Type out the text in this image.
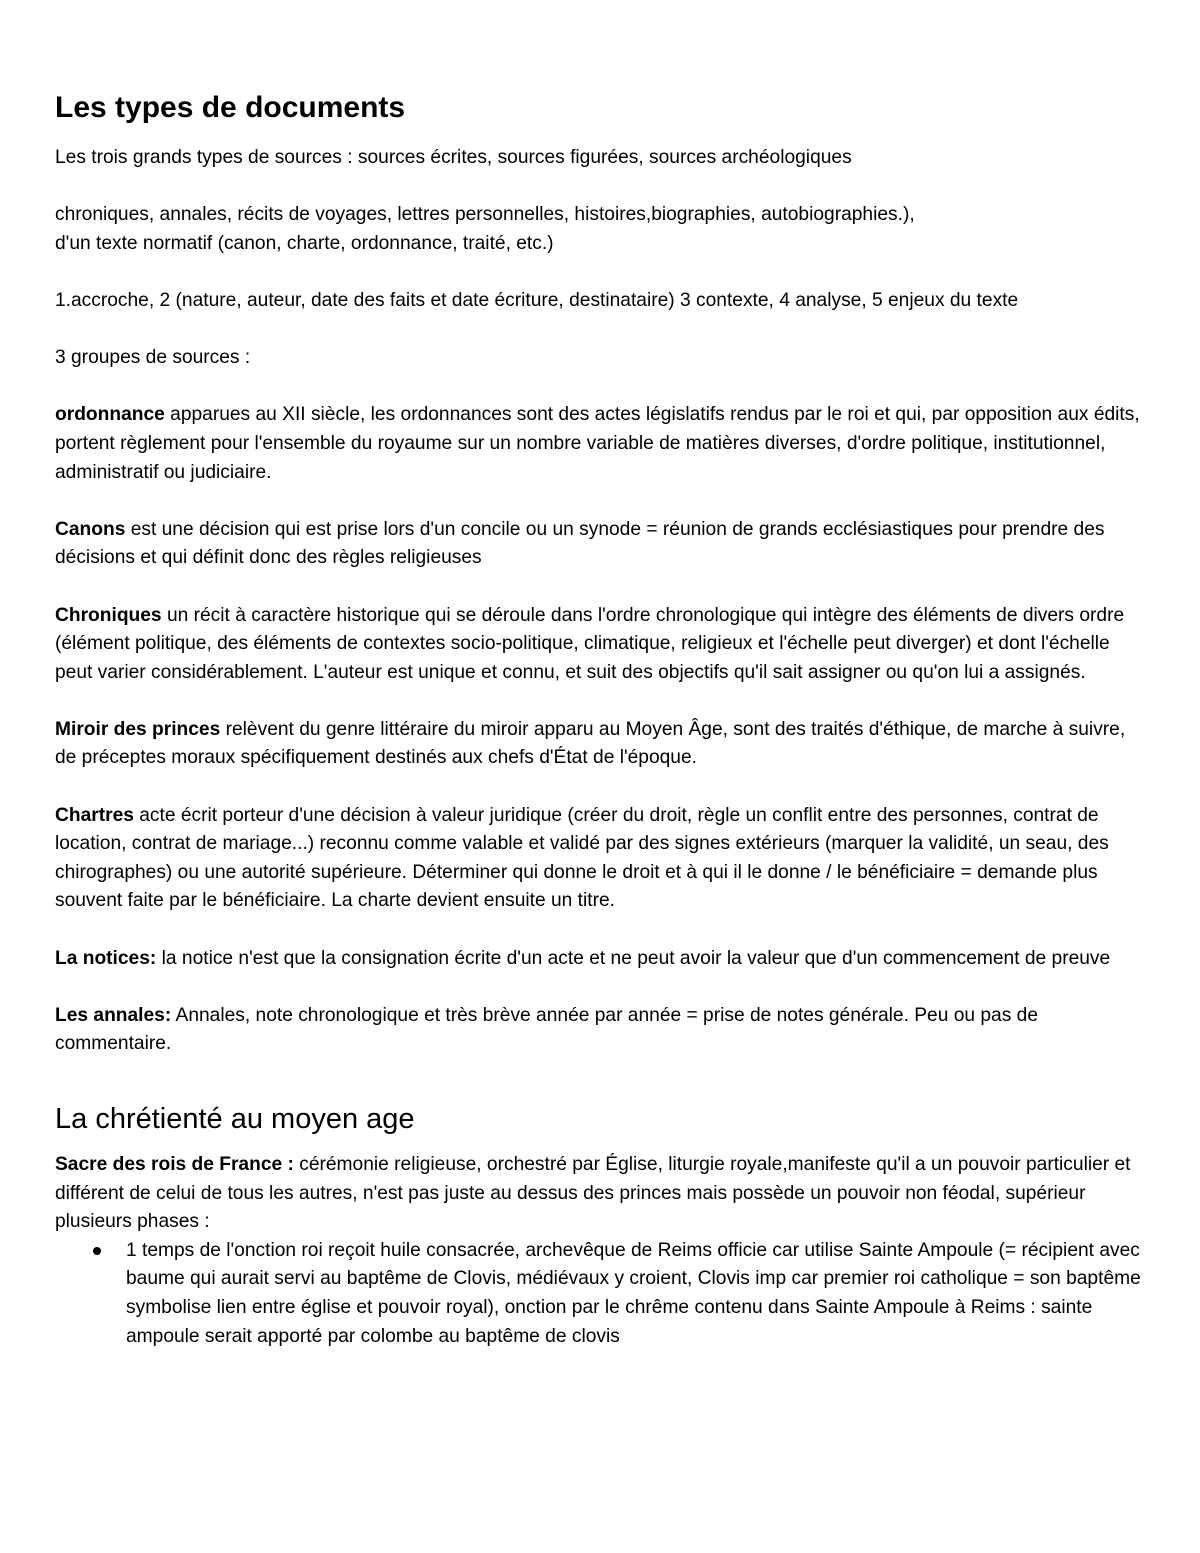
Les types de documents

Les trois grands types de sources : sources écrites, sources figurées, sources archéologiques

chroniques, annales, récits de voyages, lettres personnelles, histoires,biographies, autobiographies.),
d'un texte normatif (canon, charte, ordonnance, traité, etc.)

1.accroche, 2 (nature, auteur, date des faits et date écriture, destinataire) 3 contexte, 4 analyse, 5 enjeux du texte

3 groupes de sources :

ordonnance apparues au XII siècle, les ordonnances sont des actes législatifs rendus par le roi et qui, par opposition aux édits, portent règlement pour l'ensemble du royaume sur un nombre variable de matières diverses, d'ordre politique, institutionnel, administratif ou judiciaire.

Canons est une décision qui est prise lors d'un concile ou un synode = réunion de grands ecclésiastiques pour prendre des décisions et qui définit donc des règles religieuses

Chroniques un récit à caractère historique qui se déroule dans l'ordre chronologique qui intègre des éléments de divers ordre (élément politique, des éléments de contextes socio-politique, climatique, religieux et l'échelle peut diverger) et dont l'échelle peut varier considérablement. L'auteur est unique et connu, et suit des objectifs qu'il sait assigner ou qu'on lui a assignés.

Miroir des princes relèvent du genre littéraire du miroir apparu au Moyen Âge, sont des traités d'éthique, de marche à suivre, de préceptes moraux spécifiquement destinés aux chefs d'État de l'époque.

Chartres acte écrit porteur d'une décision à valeur juridique (créer du droit, règle un conflit entre des personnes, contrat de location, contrat de mariage...) reconnu comme valable et validé par des signes extérieurs (marquer la validité, un seau, des chirographes) ou une autorité supérieure. Déterminer qui donne le droit et à qui il le donne / le bénéficiaire = demande plus souvent faite par le bénéficiaire. La charte devient ensuite un titre.

La notices: la notice n'est que la consignation écrite d'un acte et ne peut avoir la valeur que d'un commencement de preuve

Les annales: Annales, note chronologique et très brève année par année = prise de notes générale. Peu ou pas de commentaire.

La chrétienté au moyen age

Sacre des rois de France : cérémonie religieuse, orchestré par Église, liturgie royale,manifeste qu'il a un pouvoir particulier et différent de celui de tous les autres, n'est pas juste au dessus des princes mais possède un pouvoir non féodal, supérieur

plusieurs phases :

1 temps de l'onction roi reçoit huile consacrée, archevêque de Reims officie car utilise Sainte Ampoule (= récipient avec baume qui aurait servi au baptême de Clovis, médiévaux y croient, Clovis imp car premier roi catholique = son baptême symbolise lien entre église et pouvoir royal), onction par le chrême contenu dans Sainte Ampoule à Reims : sainte ampoule serait apporté par colombe au baptême de clovis
